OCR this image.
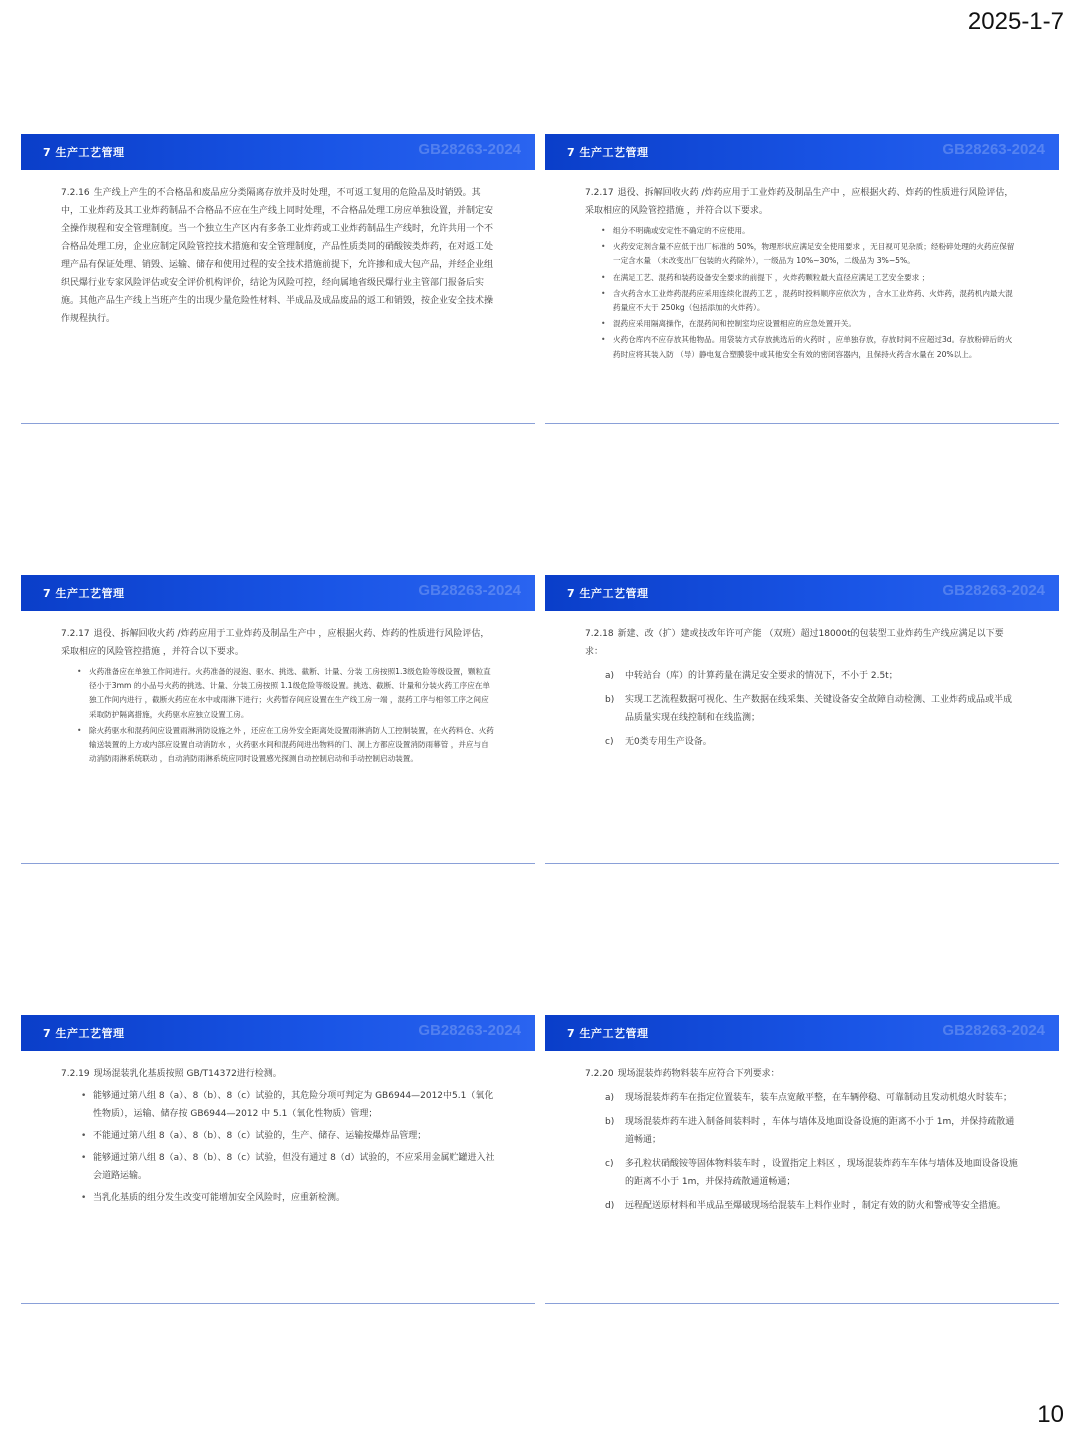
2025-1-7
7 生产工艺管理	GB28263-2024

7.2.16 生产线上产生的不合格品和废品应分类隔离存放并及时处理，不可返工复用的危险品及时销毁。其中，工业炸药及其工业炸药制品不合格品不应在生产线上同时处理，不合格品处理工房应单独设置，并制定安全操作规程和安全管理制度。当一个独立生产区内有多条工业炸药或工业炸药制品生产线时，允许共用一个不合格品处理工房，企业应制定风险管控技术措施和安全管理制度，产品性质类同的硝酸铵类炸药，在对返工处理产品有保证处理、销毁、运输、储存和使用过程的安全技术措施前提下，允许掺和成大包产品，并经企业组织民爆行业专家风险评估或安全评价机构评价，结论为风险可控，经向属地省级民爆行业主管部门报备后实施。其他产品生产线上当班产生的出现少量危险性材料、半成品及成品废品的返工和销毁，按企业安全技术操作规程执行。

7 生产工艺管理	GB28263-2024

7.2.17 退役、拆解回收火药 /炸药应用于工业炸药及制品生产中 ，应根据火药、炸药的性质进行风险评估，采取相应的风险管控措施 ，并符合以下要求。

• 组分不明确或安定性不确定的不应使用。
• 火药安定剂含量不应低于出厂标准的 50%，物理形状应满足安全使用要求 ，无目视可见杂质；经粉碎处理的火药应保留一定含水量 （未改变出厂包装的火药除外），一级品为 10%~30%，二级品为 3%~5%。
• 在满足工艺、混药和装药设备安全要求的前提下 ，火炸药颗粒最大直径应满足工艺安全要求 ；
• 含火药含水工业炸药混药应采用连续化混药工艺 ，混药时投料顺序应依次为 ，含水工业炸药、火炸药，混药机内最大混药量应不大于 250kg（包括添加的火炸药）。
• 混药应采用隔离操作，在混药间和控制室均应设置相应的应急处置开关。
• 火药仓库内不应存放其他物品。用袋装方式存放挑选后的火药时 ，应单独存放，存放时间不应超过3d。存放粉碎后的火药时应将其装入防 （导）静电复合塑膜袋中或其他安全有效的密闭容器内，且保持火药含水量在 20%以上。
7 生产工艺管理	GB28263-2024

7.2.17 退役、拆解回收火药 /炸药应用于工业炸药及制品生产中 ，应根据火药、炸药的性质进行风险评估，采取相应的风险管控措施 ，并符合以下要求。

• 火药准备应在单独工作间进行。火药准备的浸泡、驱水、挑选、截断、计量、分装 工房按照1.3级危险等级设置，颗粒直径小于3mm 的小品号火药的挑选、计量、分装工房按照 1.1级危险等级设置。挑选、截断、计量和分装火药工序应在单独工作间内进行 ，截断火药应在水中或雨淋下进行；火药暂存间应设置在生产线工房一端 ，混药工序与相邻工序之间应采取防护隔离措施，火药驱水应独立设置工房。
• 除火药驱水和混药间应设置雨淋消防设施之外 ，还应在工房外安全距离处设置雨淋消防人工控制装置，在火药料仓、火药输送装置的上方或内部应设置自动消防水 ，火药驱水间和混药间进出物料的门、洞上方都应设置消防雨幕管 ，并应与自动消防雨淋系统联动 ，自动消防雨淋系统应同时设置感光探测自动控制启动和手动控制启动装置。
7 生产工艺管理	GB28263-2024

7.2.18 新建、改（扩）建或技改年许可产能 （双班）超过18000t的包装型工业炸药生产线应满足以下要求：

a) 中转站台（库）的计算药量在满足安全要求的情况下，不小于 2.5t；
b) 实现工艺流程数据可视化、生产数据在线采集、关键设备安全故障自动检测、工业炸药成品或半成品质量实现在线控制和在线监测；
c) 无0类专用生产设备。
7 生产工艺管理	GB28263-2024

7.2.19 现场混装乳化基质按照 GB/T14372进行检测。

• 能够通过第八组 8（a）、8（b）、8（c）试验的，其危险分项可判定为 GB6944—2012中5.1（氧化性物质），运输、储存按 GB6944—2012 中 5.1（氧化性物质）管理；
• 不能通过第八组 8（a）、8（b）、8（c）试验的，生产、储存、运输按爆炸品管理；
• 能够通过第八组 8（a）、8（b）、8（c）试验，但没有通过 8（d）试验的，不应采用金属贮罐进入社会道路运输。
• 当乳化基质的组分发生改变可能增加安全风险时，应重新检测。
7 生产工艺管理	GB28263-2024

7.2.20 现场混装炸药物料装车应符合下列要求：

a) 现场混装炸药车在指定位置装车，装车点宽敞平整，在车辆停稳、可靠制动且发动机熄火时装车；
b) 现场混装炸药车进入制备间装料时 ，车体与墙体及地面设备设施的距离不小于 1m，并保持疏散通道畅通；
c) 多孔粒状硝酸铵等固体物料装车时 ，设置指定上料区 ，现场混装炸药车车体与墙体及地面设备设施的距离不小于 1m，并保持疏散通道畅通；
d) 远程配送原材料和半成品至爆破现场给混装车上料作业时 ，制定有效的防火和警戒等安全措施。
10
